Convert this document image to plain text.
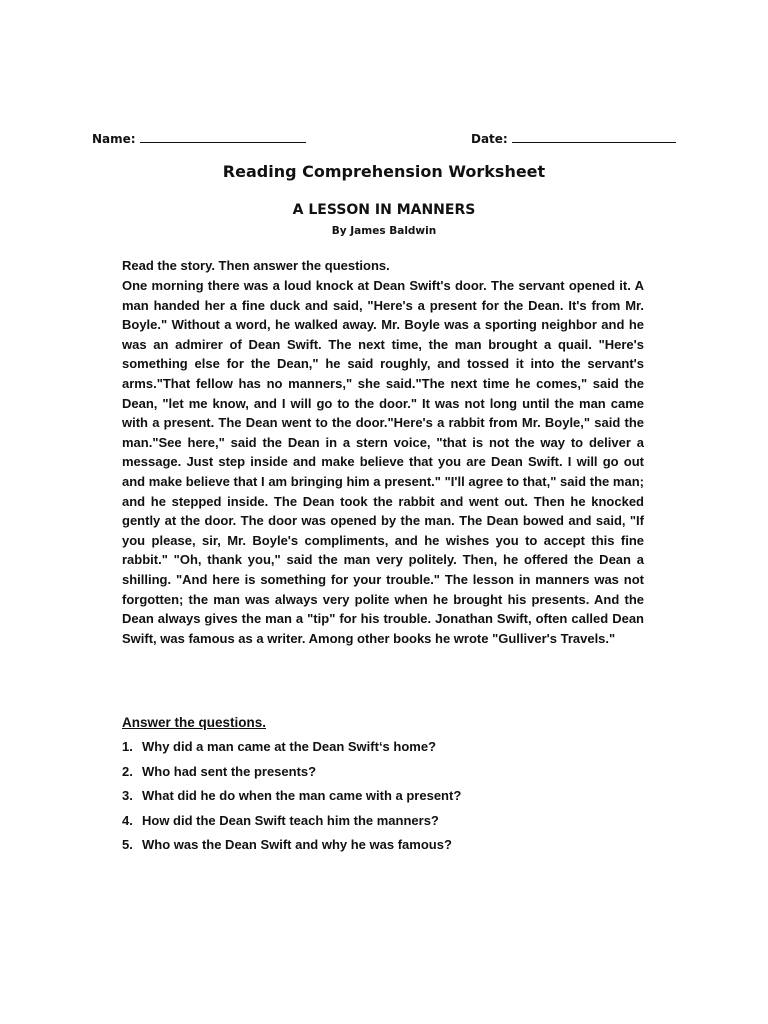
Name:	Date:
Reading Comprehension Worksheet
A LESSON IN MANNERS
By James Baldwin
Read the story. Then answer the questions.

One morning there was a loud knock at Dean Swift's door. The servant opened it. A man handed her a fine duck and said, "Here's a present for the Dean. It's from Mr. Boyle." Without a word, he walked away. Mr. Boyle was a sporting neighbor and he was an admirer of Dean Swift. The next time, the man brought a quail. "Here's something else for the Dean," he said roughly, and tossed it into the servant's arms."That fellow has no manners," she said."The next time he comes," said the Dean, "let me know, and I will go to the door." It was not long until the man came with a present. The Dean went to the door."Here's a rabbit from Mr. Boyle," said the man."See here," said the Dean in a stern voice, "that is not the way to deliver a message. Just step inside and make believe that you are Dean Swift. I will go out and make believe that I am bringing him a present." "I'll agree to that," said the man; and he stepped inside. The Dean took the rabbit and went out. Then he knocked gently at the door. The door was opened by the man. The Dean bowed and said, "If you please, sir, Mr. Boyle's compliments, and he wishes you to accept this fine rabbit." "Oh, thank you," said the man very politely. Then, he offered the Dean a shilling. "And here is something for your trouble." The lesson in manners was not forgotten; the man was always very polite when he brought his presents. And the Dean always gives the man a "tip" for his trouble. Jonathan Swift, often called Dean Swift, was famous as a writer. Among other books he wrote "Gulliver's Travels."

Answer the questions.
1. Why did a man came at the Dean Swift‘s home?
2. Who had sent the presents?
3. What did he do when the man came with a present?
4. How did the Dean Swift teach him the manners?
5. Who was the Dean Swift and why he was famous?
